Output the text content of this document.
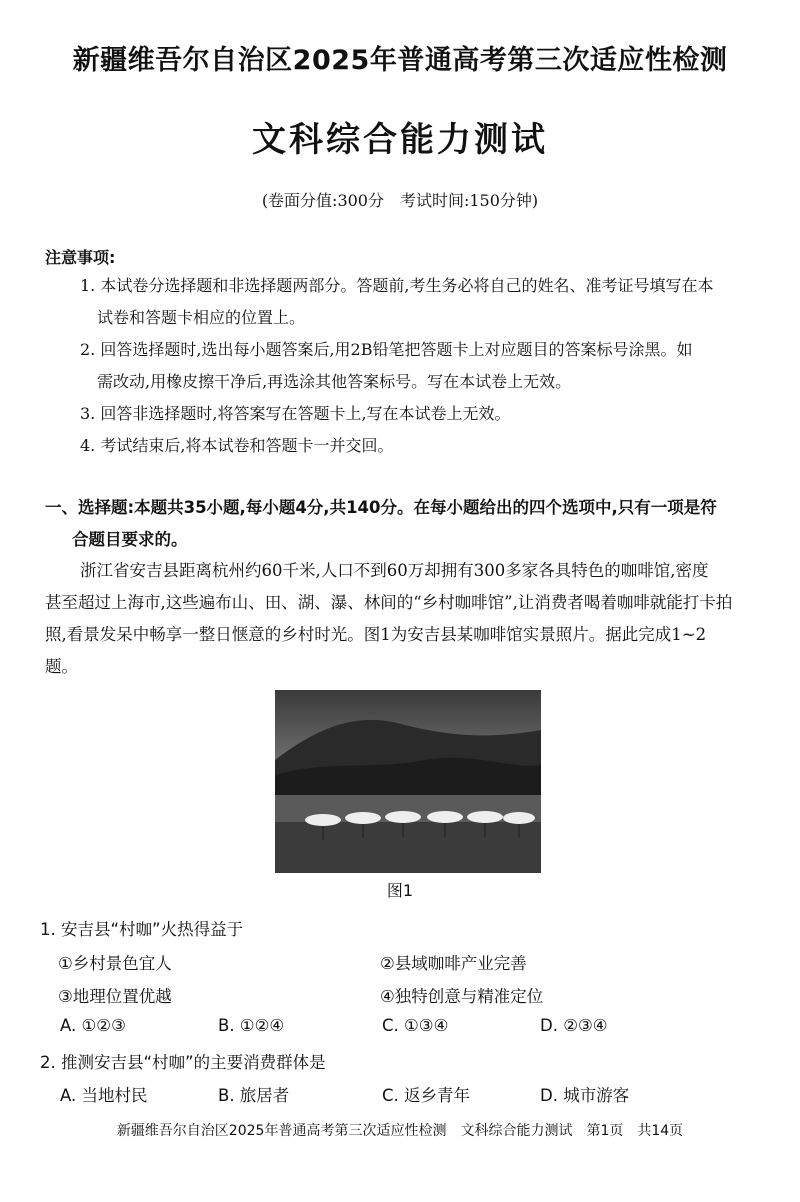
新疆维吾尔自治区2025年普通高考第三次适应性检测
文科综合能力测试
(卷面分值:300分　考试时间:150分钟)
注意事项:
1. 本试卷分选择题和非选择题两部分。答题前,考生务必将自己的姓名、准考证号填写在本
试卷和答题卡相应的位置上。
2. 回答选择题时,选出每小题答案后,用2B铅笔把答题卡上对应题目的答案标号涂黑。如
需改动,用橡皮擦干净后,再选涂其他答案标号。写在本试卷上无效。
3. 回答非选择题时,将答案写在答题卡上,写在本试卷上无效。
4. 考试结束后,将本试卷和答题卡一并交回。
一、选择题:本题共35小题,每小题4分,共140分。在每小题给出的四个选项中,只有一项是符
合题目要求的。
浙江省安吉县距离杭州约60千米,人口不到60万却拥有300多家各具特色的咖啡馆,密度
甚至超过上海市,这些遍布山、田、湖、瀑、林间的“乡村咖啡馆”,让消费者喝着咖啡就能打卡拍
照,看景发呆中畅享一整日惬意的乡村时光。图1为安吉县某咖啡馆实景照片。据此完成1~2
题。
图1
1. 安吉县“村咖”火热得益于
①乡村景色宜人	②县域咖啡产业完善
③地理位置优越	④独特创意与精准定位
A. ①②③	B. ①②④	C. ①③④	D. ②③④
2. 推测安吉县“村咖”的主要消费群体是
A. 当地村民	B. 旅居者	C. 返乡青年	D. 城市游客
新疆维吾尔自治区2025年普通高考第三次适应性检测　文科综合能力测试　第1页　共14页
